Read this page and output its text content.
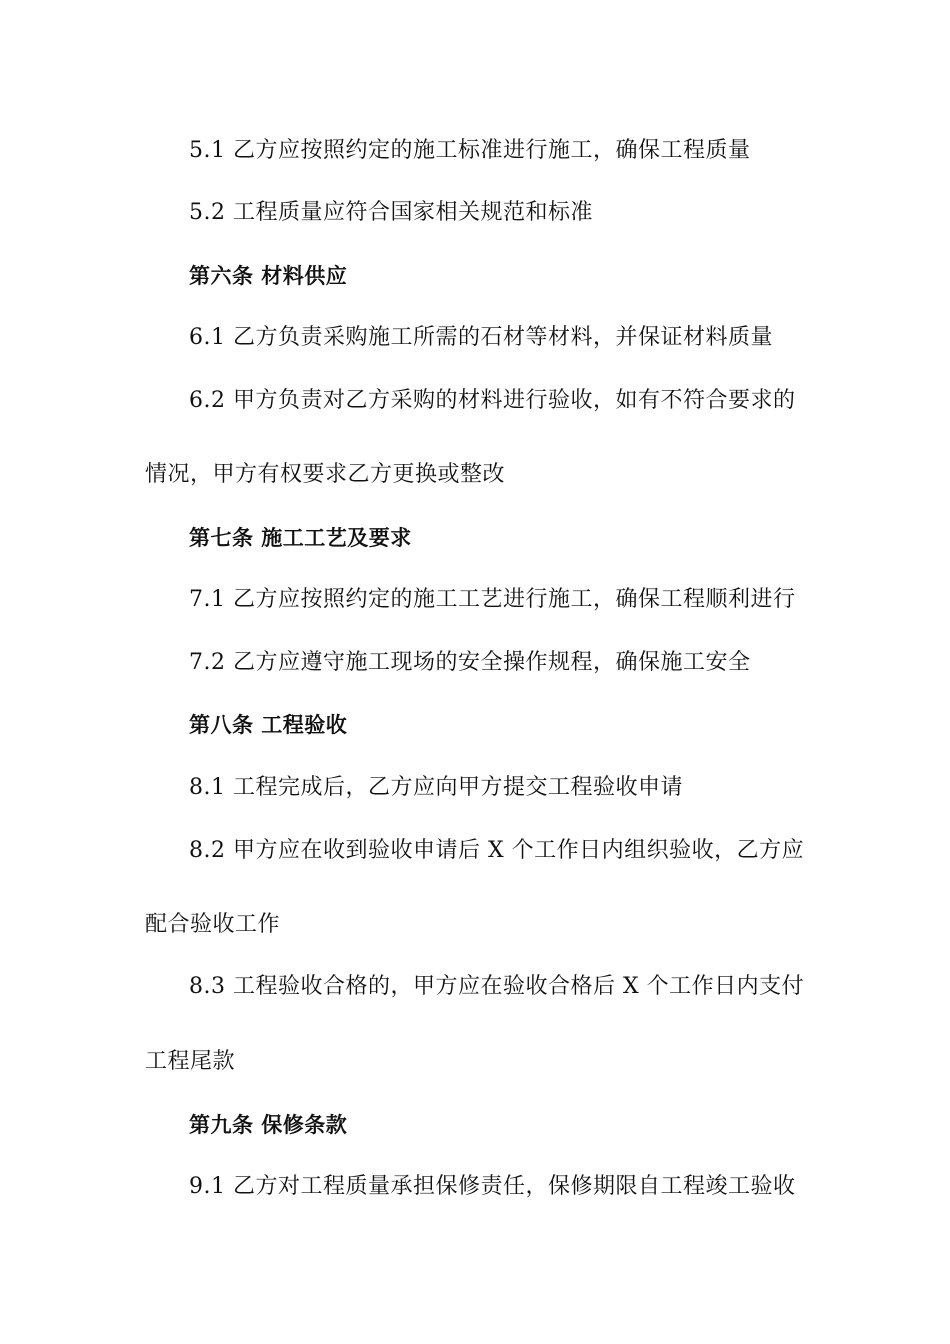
5.1 乙方应按照约定的施工标准进行施工，确保工程质量
5.2 工程质量应符合国家相关规范和标准
第六条 材料供应
6.1 乙方负责采购施工所需的石材等材料，并保证材料质量
6.2 甲方负责对乙方采购的材料进行验收，如有不符合要求的
情况，甲方有权要求乙方更换或整改
第七条 施工工艺及要求
7.1 乙方应按照约定的施工工艺进行施工，确保工程顺利进行
7.2 乙方应遵守施工现场的安全操作规程，确保施工安全
第八条 工程验收
8.1 工程完成后，乙方应向甲方提交工程验收申请
8.2 甲方应在收到验收申请后 X 个工作日内组织验收，乙方应
配合验收工作
8.3 工程验收合格的，甲方应在验收合格后 X 个工作日内支付
工程尾款
第九条 保修条款
9.1 乙方对工程质量承担保修责任，保修期限自工程竣工验收
